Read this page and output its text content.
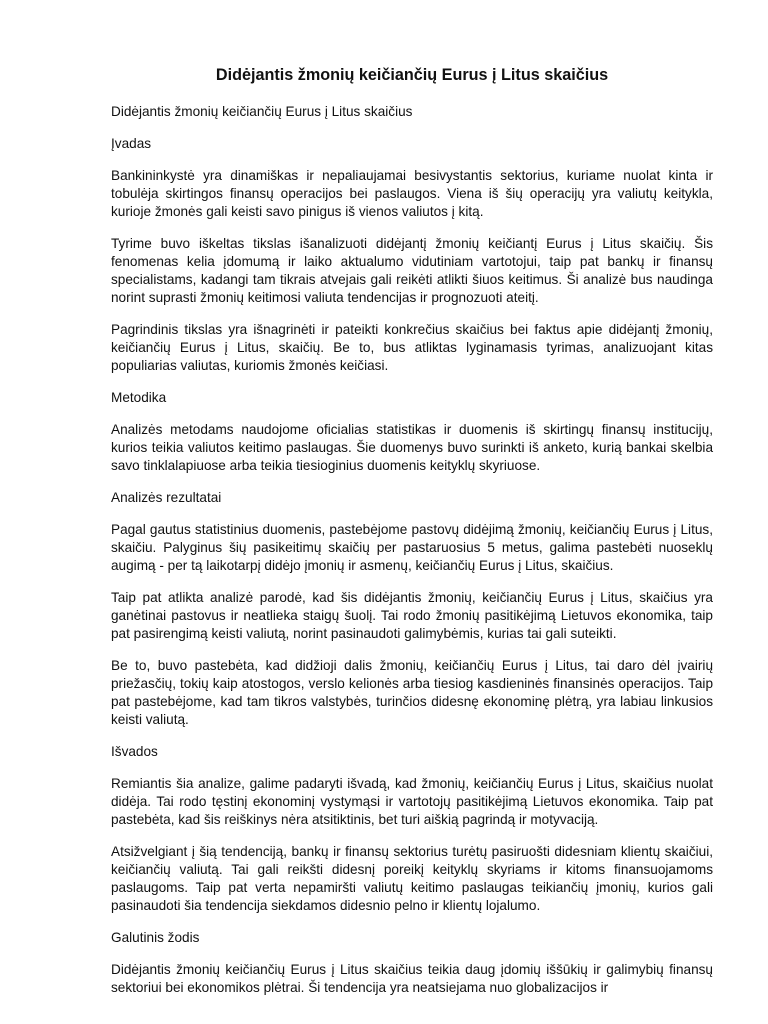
Didėjantis žmonių keičiančių Eurus į Litus skaičius

Didėjantis žmonių keičiančių Eurus į Litus skaičius

Įvadas

Bankininkystė yra dinamiškas ir nepaliaujamai besivystantis sektorius, kuriame nuolat kinta ir tobulėja skirtingos finansų operacijos bei paslaugos. Viena iš šių operacijų yra valiutų keitykla, kurioje žmonės gali keisti savo pinigus iš vienos valiutos į kitą.

Tyrime buvo iškeltas tikslas išanalizuoti didėjantį žmonių keičiantį Eurus į Litus skaičių. Šis fenomenas kelia įdomumą ir laiko aktualumo vidutiniam vartotojui, taip pat bankų ir finansų specialistams, kadangi tam tikrais atvejais gali reikėti atlikti šiuos keitimus. Ši analizė bus naudinga norint suprasti žmonių keitimosi valiuta tendencijas ir prognozuoti ateitį.

Pagrindinis tikslas yra išnagrinėti ir pateikti konkrečius skaičius bei faktus apie didėjantį žmonių, keičiančių Eurus į Litus, skaičių. Be to, bus atliktas lyginamasis tyrimas, analizuojant kitas populiarias valiutas, kuriomis žmonės keičiasi.

Metodika

Analizės metodams naudojome oficialias statistikas ir duomenis iš skirtingų finansų institucijų, kurios teikia valiutos keitimo paslaugas. Šie duomenys buvo surinkti iš anketo, kurią bankai skelbia savo tinklalapiuose arba teikia tiesioginius duomenis keityklų skyriuose.

Analizės rezultatai

Pagal gautus statistinius duomenis, pastebėjome pastovų didėjimą žmonių, keičiančių Eurus į Litus, skaičiu. Palyginus šių pasikeitimų skaičių per pastaruosius 5 metus, galima pastebėti nuoseklų augimą - per tą laikotarpį didėjo įmonių ir asmenų, keičiančių Eurus į Litus, skaičius.

Taip pat atlikta analizė parodė, kad šis didėjantis žmonių, keičiančių Eurus į Litus, skaičius yra ganėtinai pastovus ir neatlieka staigų šuolį. Tai rodo žmonių pasitikėjimą Lietuvos ekonomika, taip pat pasirengimą keisti valiutą, norint pasinaudoti galimybėmis, kurias tai gali suteikti.

Be to, buvo pastebėta, kad didžioji dalis žmonių, keičiančių Eurus į Litus, tai daro dėl įvairių priežasčių, tokių kaip atostogos, verslo kelionės arba tiesiog kasdieninės finansinės operacijos. Taip pat pastebėjome, kad tam tikros valstybės, turinčios didesnę ekonominę plėtrą, yra labiau linkusios keisti valiutą.

Išvados

Remiantis šia analize, galime padaryti išvadą, kad žmonių, keičiančių Eurus į Litus, skaičius nuolat didėja. Tai rodo tęstinį ekonominį vystymąsi ir vartotojų pasitikėjimą Lietuvos ekonomika. Taip pat pastebėta, kad šis reiškinys nėra atsitiktinis, bet turi aiškią pagrindą ir motyvaciją.

Atsižvelgiant į šią tendenciją, bankų ir finansų sektorius turėtų pasiruošti didesniam klientų skaičiui, keičiančių valiutą. Tai gali reikšti didesnį poreikį keityklų skyriams ir kitoms finansuojamoms paslaugoms. Taip pat verta nepamiršti valiutų keitimo paslaugas teikiančių įmonių, kurios gali pasinaudoti šia tendencija siekdamos didesnio pelno ir klientų lojalumo.

Galutinis žodis

Didėjantis žmonių keičiančių Eurus į Litus skaičius teikia daug įdomių iššūkių ir galimybių finansų sektoriui bei ekonomikos plėtrai. Ši tendencija yra neatsiejama nuo globalizacijos ir
